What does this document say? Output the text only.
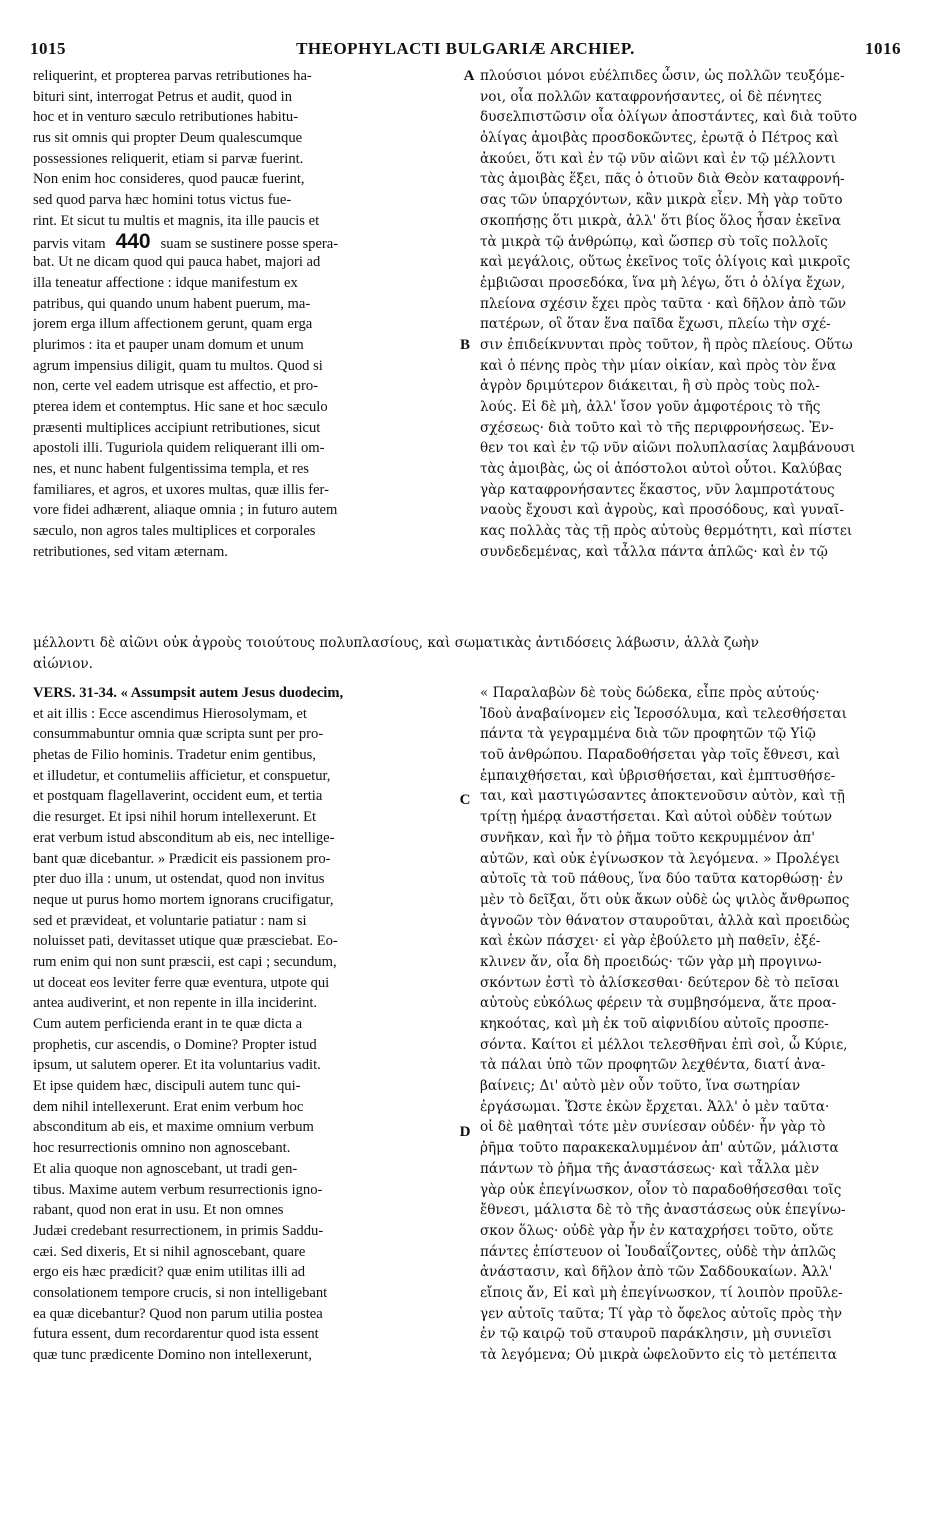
1015	THEOPHYLACTI BULGARIÆ ARCHIEP.	1016
A
B
C
D
reliquerint, et propterea parvas retributiones ha-
bituri sint, interrogat Petrus et audit, quod in
hoc et in venturo sæculo retributiones habitu-
rus sit omnis qui propter Deum qualescumque
possessiones reliquerit, etiam si parvæ fuerint.
Non enim hoc consideres, quod paucæ fuerint,
sed quod parva hæc homini totus victus fue-
rint. Et sicut tu multis et magnis, ita ille paucis et
parvis vitam 440 suam se sustinere posse spera-
bat. Ut ne dicam quod qui pauca habet, majori ad
illa teneatur affectione : idque manifestum ex
patribus, qui quando unum habent puerum, ma-
jorem erga illum affectionem gerunt, quam erga
plurimos : ita et pauper unam domum et unum
agrum impensius diligit, quam tu multos. Quod si
non, certe vel eadem utrisque est affectio, et pro-
pterea idem et contemptus. Hic sane et hoc sæculo
præsenti multiplices accipiunt retributiones, sicut
apostoli illi. Tuguriola quidem reliquerant illi om-
nes, et nunc habent fulgentissima templa, et res
familiares, et agros, et uxores multas, quæ illis fer-
vore fidei adhærent, aliaque omnia ; in futuro autem
sæculo, non agros tales multiplices et corporales
retributiones, sed vitam æternam.
πλούσιοι μόνοι εὐέλπιδες ὦσιν, ὡς πολλῶν τευξόμε-
νοι, οἷα πολλῶν καταφρονήσαντες, οἱ δὲ πένητες
δυσελπιστῶσιν οἷα ὀλίγων ἀποστάντες, καὶ διὰ τοῦτο
ὀλίγας ἀμοιβὰς προσδοκῶντες, ἐρωτᾷ ὁ Πέτρος καὶ
ἀκούει, ὅτι καὶ ἐν τῷ νῦν αἰῶνι καὶ ἐν τῷ μέλλοντι
τὰς ἀμοιβὰς ἕξει, πᾶς ὁ ὁτιοῦν διὰ Θεὸν καταφρονή-
σας τῶν ὑπαρχόντων, κἂν μικρὰ εἶεν. Μὴ γὰρ τοῦτο
σκοπήσῃς ὅτι μικρὰ, ἀλλ' ὅτι βίος ὅλος ἦσαν ἐκεῖνα
τὰ μικρὰ τῷ ἀνθρώπῳ, καὶ ὥσπερ σὺ τοῖς πολλοῖς
καὶ μεγάλοις, οὕτως ἐκεῖνος τοῖς ὀλίγοις καὶ μικροῖς
ἐμβιῶσαι προσεδόκα, ἵνα μὴ λέγω, ὅτι ὁ ὀλίγα ἔχων,
πλείονα σχέσιν ἔχει πρὸς ταῦτα · καὶ δῆλον ἀπὸ τῶν
πατέρων, οἳ ὅταν ἕνα παῖδα ἔχωσι, πλείω τὴν σχέ-
σιν ἐπιδείκνυνται πρὸς τοῦτον, ἢ πρὸς πλείους. Οὕτω
καὶ ὁ πένης πρὸς τὴν μίαν οἰκίαν, καὶ πρὸς τὸν ἕνα
ἀγρὸν δριμύτερον διάκειται, ἢ σὺ πρὸς τοὺς πολ-
λούς. Εἰ δὲ μὴ, ἀλλ' ἴσον γοῦν ἀμφοτέροις τὸ τῆς
σχέσεως· διὰ τοῦτο καὶ τὸ τῆς περιφρονήσεως. Ἐν-
θεν τοι καὶ ἐν τῷ νῦν αἰῶνι πολυπλασίας λαμβάνουσι
τὰς ἀμοιβὰς, ὡς οἱ ἀπόστολοι αὐτοὶ οὗτοι. Καλύβας
γὰρ καταφρονήσαντες ἕκαστος, νῦν λαμπροτάτους
ναοὺς ἔχουσι καὶ ἀγροὺς, καὶ προσόδους, καὶ γυναῖ-
κας πολλὰς τὰς τῇ πρὸς αὐτοὺς θερμότητι, καὶ πίστει
συνδεδεμένας, καὶ τἆλλα πάντα ἁπλῶς· καὶ ἐν τῷ
μέλλοντι δὲ αἰῶνι οὐκ ἀγροὺς τοιούτους πολυπλασίους, καὶ σωματικὰς ἀντιδόσεις λάβωσιν, ἀλλὰ ζωὴν
αἰώνιον.
VERS. 31-34. « Assumpsit autem Jesus duodecim,
et ait illis : Ecce ascendimus Hierosolymam, et
consummabuntur omnia quæ scripta sunt per pro-
phetas de Filio hominis. Tradetur enim gentibus,
et illudetur, et contumeliis afficietur, et conspuetur,
et postquam flagellaverint, occident eum, et tertia
die resurget. Et ipsi nihil horum intellexerunt. Et
erat verbum istud absconditum ab eis, nec intellige-
bant quæ dicebantur. » Prædicit eis passionem pro-
pter duo illa : unum, ut ostendat, quod non invitus
neque ut purus homo mortem ignorans crucifigatur,
sed et prævideat, et voluntarie patiatur : nam si
noluisset pati, devitasset utique quæ præsciebat. Eo-
rum enim qui non sunt præscii, est capi ; secundum,
ut doceat eos leviter ferre quæ eventura, utpote qui
antea audiverint, et non repente in illa inciderint.
Cum autem perficienda erant in te quæ dicta a
prophetis, cur ascendis, o Domine? Propter istud
ipsum, ut salutem operer. Et ita voluntarius vadit.
Et ipse quidem hæc, discipuli autem tunc qui-
dem nihil intellexerunt. Erat enim verbum hoc
absconditum ab eis, et maxime omnium verbum
hoc resurrectionis omnino non agnoscebant.
Et alia quoque non agnoscebant, ut tradi gen-
tibus. Maxime autem verbum resurrectionis igno-
rabant, quod non erat in usu. Et non omnes
Judæi credebant resurrectionem, in primis Saddu-
cæi. Sed dixeris, Et si nihil agnoscebant, quare
ergo eis hæc prædicit? quæ enim utilitas illi ad
consolationem tempore crucis, si non intelligebant
ea quæ dicebantur? Quod non parum utilia postea
futura essent, dum recordarentur quod ista essent
quæ tunc prædicente Domino non intellexerunt,
« Παραλαβὼν δὲ τοὺς δώδεκα, εἶπε πρὸς αὐτούς·
Ἰδοὺ ἀναβαίνομεν εἰς Ἱεροσόλυμα, καὶ τελεσθήσεται
πάντα τὰ γεγραμμένα διὰ τῶν προφητῶν τῷ Υἱῷ
τοῦ ἀνθρώπου. Παραδοθήσεται γὰρ τοῖς ἔθνεσι, καὶ
ἐμπαιχθήσεται, καὶ ὑβρισθήσεται, καὶ ἐμπτυσθήσε-
ται, καὶ μαστιγώσαντες ἀποκτενοῦσιν αὐτὸν, καὶ τῇ
τρίτῃ ἡμέρᾳ ἀναστήσεται. Καὶ αὐτοὶ οὐδὲν τούτων
συνῆκαν, καὶ ἦν τὸ ῥῆμα τοῦτο κεκρυμμένον ἀπ'
αὐτῶν, καὶ οὐκ ἐγίνωσκον τὰ λεγόμενα. » Προλέγει
αὐτοῖς τὰ τοῦ πάθους, ἵνα δύο ταῦτα κατορθώσῃ· ἐν
μὲν τὸ δεῖξαι, ὅτι οὐκ ἄκων οὐδὲ ὡς ψιλὸς ἄνθρωπος
ἀγνοῶν τὸν θάνατον σταυροῦται, ἀλλὰ καὶ προειδὼς
καὶ ἑκὼν πάσχει· εἰ γὰρ ἐβούλετο μὴ παθεῖν, ἐξέ-
κλινεν ἄν, οἷα δὴ προειδώς· τῶν γὰρ μὴ προγινω-
σκόντων ἐστὶ τὸ ἁλίσκεσθαι· δεύτερον δὲ τὸ πεῖσαι
αὐτοὺς εὐκόλως φέρειν τὰ συμβησόμενα, ἅτε προα-
κηκοότας, καὶ μὴ ἐκ τοῦ αἰφνιδίου αὐτοῖς προσπε-
σόντα. Καίτοι εἰ μέλλοι τελεσθῆναι ἐπὶ σοὶ, ὦ Κύριε,
τὰ πάλαι ὑπὸ τῶν προφητῶν λεχθέντα, διατί ἀνα-
βαίνεις; Δι' αὐτὸ μὲν οὖν τοῦτο, ἵνα σωτηρίαν
ἐργάσωμαι. Ὥστε ἑκὼν ἔρχεται. Ἀλλ' ὁ μὲν ταῦτα·
οἱ δὲ μαθηταὶ τότε μὲν συνίεσαν οὐδέν· ἦν γὰρ τὸ
ῥῆμα τοῦτο παρακεκαλυμμένον ἀπ' αὐτῶν, μάλιστα
πάντων τὸ ῥῆμα τῆς ἀναστάσεως· καὶ τἆλλα μὲν
γὰρ οὐκ ἐπεγίνωσκον, οἷον τὸ παραδοθήσεσθαι τοῖς
ἔθνεσι, μάλιστα δὲ τὸ τῆς ἀναστάσεως οὐκ ἐπεγίνω-
σκον ὅλως· οὐδὲ γὰρ ἦν ἐν καταχρήσει τοῦτο, οὔτε
πάντες ἐπίστευον οἱ Ἰουδαΐζοντες, οὐδὲ τὴν ἁπλῶς
ἀνάστασιν, καὶ δῆλον ἀπὸ τῶν Σαδδουκαίων. Ἀλλ'
εἴποις ἄν, Εἰ καὶ μὴ ἐπεγίνωσκον, τί λοιπὸν προῦλε-
γεν αὐτοῖς ταῦτα; Τί γὰρ τὸ ὄφελος αὐτοῖς πρὸς τὴν
ἐν τῷ καιρῷ τοῦ σταυροῦ παράκλησιν, μὴ συνιεῖσι
τὰ λεγόμενα; Οὐ μικρὰ ὠφελοῦντο εἰς τὸ μετέπειτα
